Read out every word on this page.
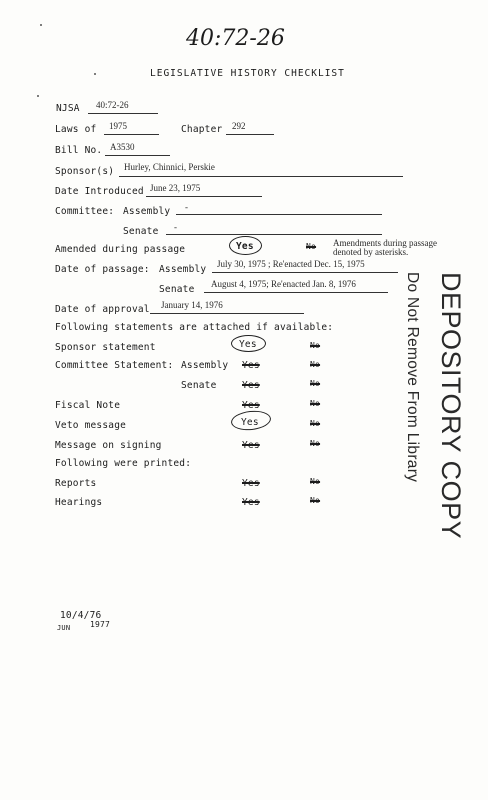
40:72-26
LEGISLATIVE HISTORY CHECKLIST
NJSA 40:72-26
Laws of 1975	Chapter 292
Bill No. A3530
Sponsor(s) Hurley, Chinnici, Perskie
Date Introduced June 23, 1975
Committee: Assembly -
Senate -
Amended during passage	Yes	No Amendments during passage
denoted by asterisks.
Date of passage: Assembly July 30, 1975 ; Re'enacted Dec. 15, 1975
Senate August 4, 1975; Re'enacted Jan. 8, 1976
Date of approval January 14, 1976
Following statements are attached if available:
Sponsor statement	Yes	No
Committee Statement: Assembly Yes	No
Senate	Yes	No
Fiscal Note	Yes	No
Veto message	Yes	No
Message on signing	Yes	No
Following were printed:
Reports	Yes	No
Hearings	Yes	No	DEPOSITORY COPY
Do Not Remove From Library
10/4/76
JUN 1977
